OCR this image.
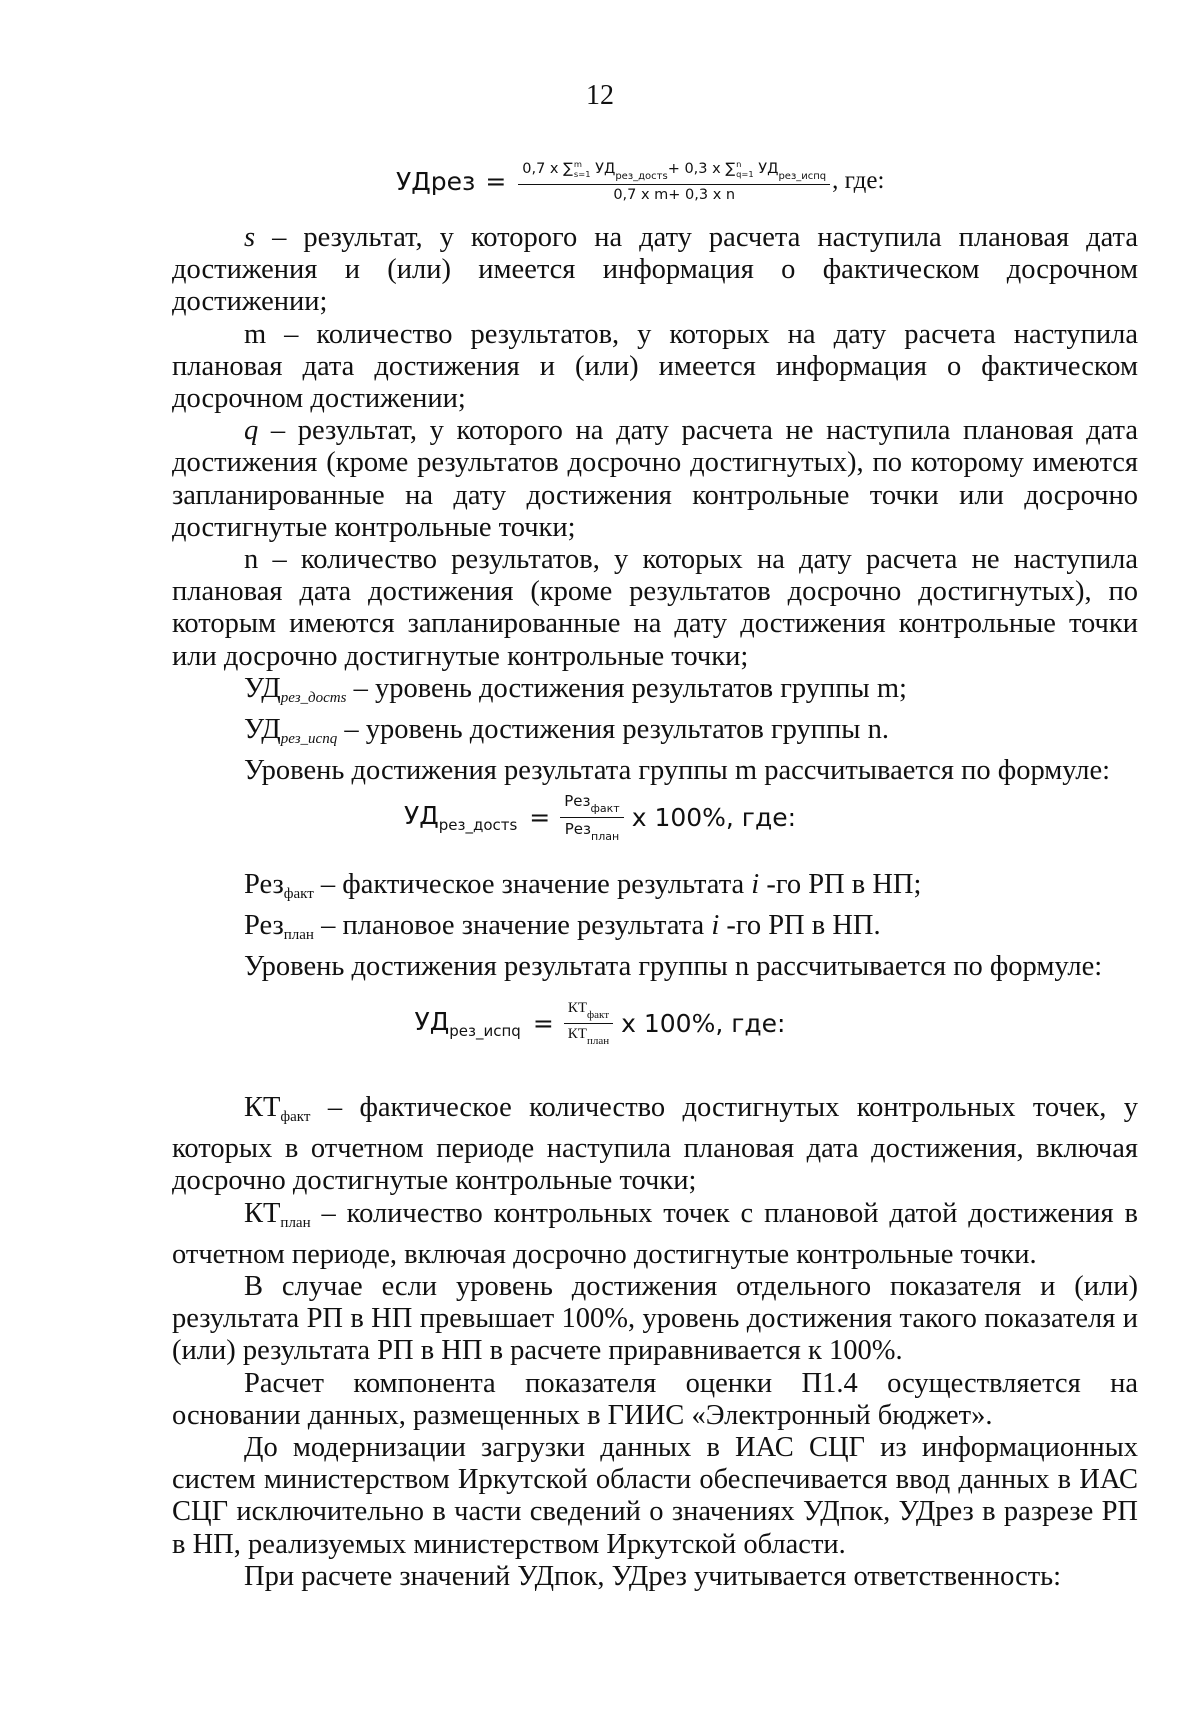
12
УДрез = 0,7 x ∑ m
s=1 $УД_{рез\_достs}+ 0,3$ x ∑ n
q=1 $УД_{рез\_испq}$
0,7 x m+ 0,3 x n , где:

s – результат, у которого на дату расчета наступила плановая дата достижения и (или) имеется информация о фактическом досрочном достижении;

m – количество результатов, у которых на дату расчета наступила плановая дата достижения и (или) имеется информация о фактическом досрочном достижении;

q – результат, у которого на дату расчета не наступила плановая дата достижения (кроме результатов досрочно достигнутых), по которому имеются запланированные на дату достижения контрольные точки или досрочно достигнутые контрольные точки;

n – количество результатов, у которых на дату расчета не наступила плановая дата достижения (кроме результатов досрочно достигнутых), по которым имеются запланированные на дату достижения контрольные точки или досрочно достигнутые контрольные точки;

$УД_{рез\_достs}$ – уровень достижения результатов группы m;

$УД_{рез\_испq}$ – уровень достижения результатов группы n.

Уровень достижения результата группы m рассчитывается по формуле:

$УД_{рез\_достs} = \frac{Рез_{факт}}{Рез_{план}}$ x 100%, где:

Рез$_{факт}$ – фактическое значение результата i -го РП в НП;

Рез$_{план}$ – плановое значение результата i -го РП в НП.

Уровень достижения результата группы n рассчитывается по формуле:

$УД_{рез\_испq} = \frac{КТ_{факт}}{КТ_{план}}$ x 100%, где:

$КТ_{факт}$ – фактическое количество достигнутых контрольных точек, у которых в отчетном периоде наступила плановая дата достижения, включая досрочно достигнутые контрольные точки;

$КТ_{план}$ – количество контрольных точек с плановой датой достижения в отчетном периоде, включая досрочно достигнутые контрольные точки.

В случае если уровень достижения отдельного показателя и (или) результата РП в НП превышает 100%, уровень достижения такого показателя и (или) результата РП в НП в расчете приравнивается к 100%.

Расчет компонента показателя оценки П1.4 осуществляется на основании данных, размещенных в ГИИС «Электронный бюджет».

До модернизации загрузки данных в ИАС СЦГ из информационных систем министерством Иркутской области обеспечивается ввод данных в ИАС СЦГ исключительно в части сведений о значениях УДпок, УДрез в разрезе РП в НП, реализуемых министерством Иркутской области.

При расчете значений УДпок, УДрез учитывается ответственность:
